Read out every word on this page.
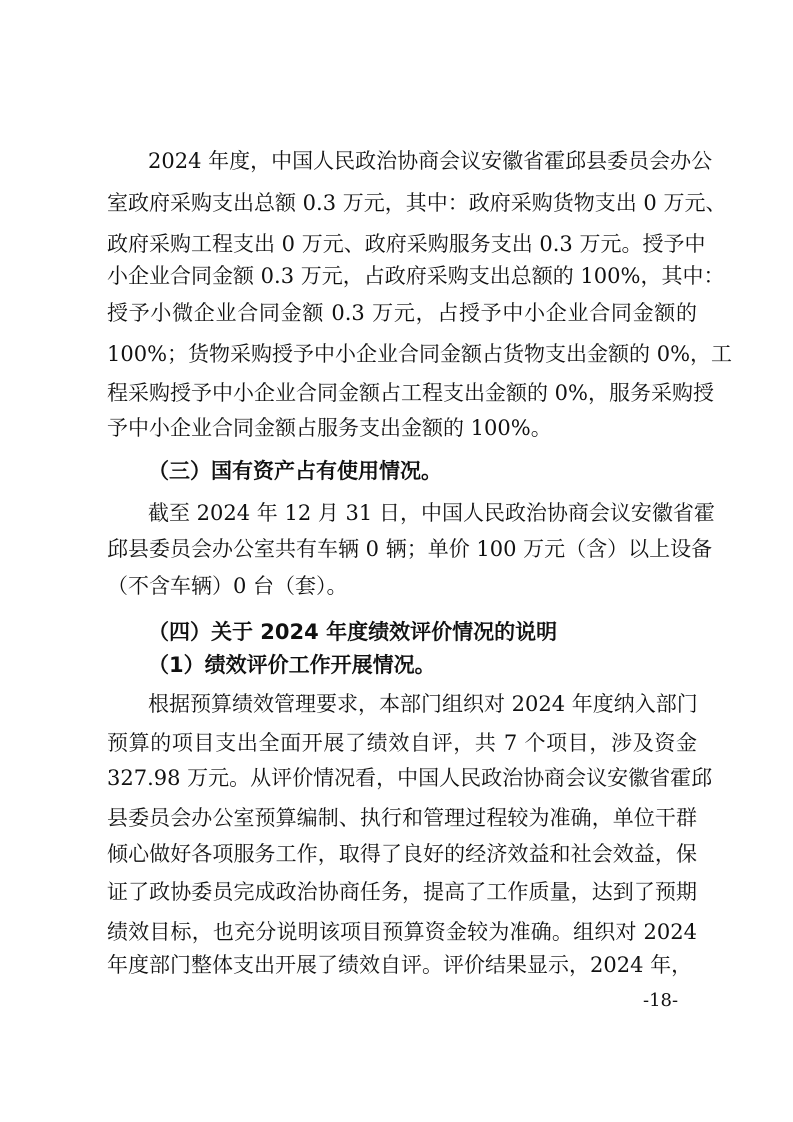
2024 年度，中国人民政治协商会议安徽省霍邱县委员会办公
室政府采购支出总额 0.3 万元，其中：政府采购货物支出 0 万元、
政府采购工程支出 0 万元、政府采购服务支出 0.3 万元。授予中
小企业合同金额 0.3 万元，占政府采购支出总额的 100%，其中：
授予小微企业合同金额 0.3 万元，占授予中小企业合同金额的
100%；货物采购授予中小企业合同金额占货物支出金额的 0%，工
程采购授予中小企业合同金额占工程支出金额的 0%，服务采购授
予中小企业合同金额占服务支出金额的 100%。
（三）国有资产占有使用情况。
截至 2024 年 12 月 31 日，中国人民政治协商会议安徽省霍
邱县委员会办公室共有车辆 0 辆；单价 100 万元（含）以上设备
（不含车辆）0 台（套）。
（四）关于 2024 年度绩效评价情况的说明
（1）绩效评价工作开展情况。
根据预算绩效管理要求，本部门组织对 2024 年度纳入部门
预算的项目支出全面开展了绩效自评，共 7 个项目，涉及资金
327.98 万元。从评价情况看，中国人民政治协商会议安徽省霍邱
县委员会办公室预算编制、执行和管理过程较为准确，单位干群
倾心做好各项服务工作，取得了良好的经济效益和社会效益，保
证了政协委员完成政治协商任务，提高了工作质量，达到了预期
绩效目标，也充分说明该项目预算资金较为准确。组织对 2024
年度部门整体支出开展了绩效自评。评价结果显示，2024 年，
-18-
